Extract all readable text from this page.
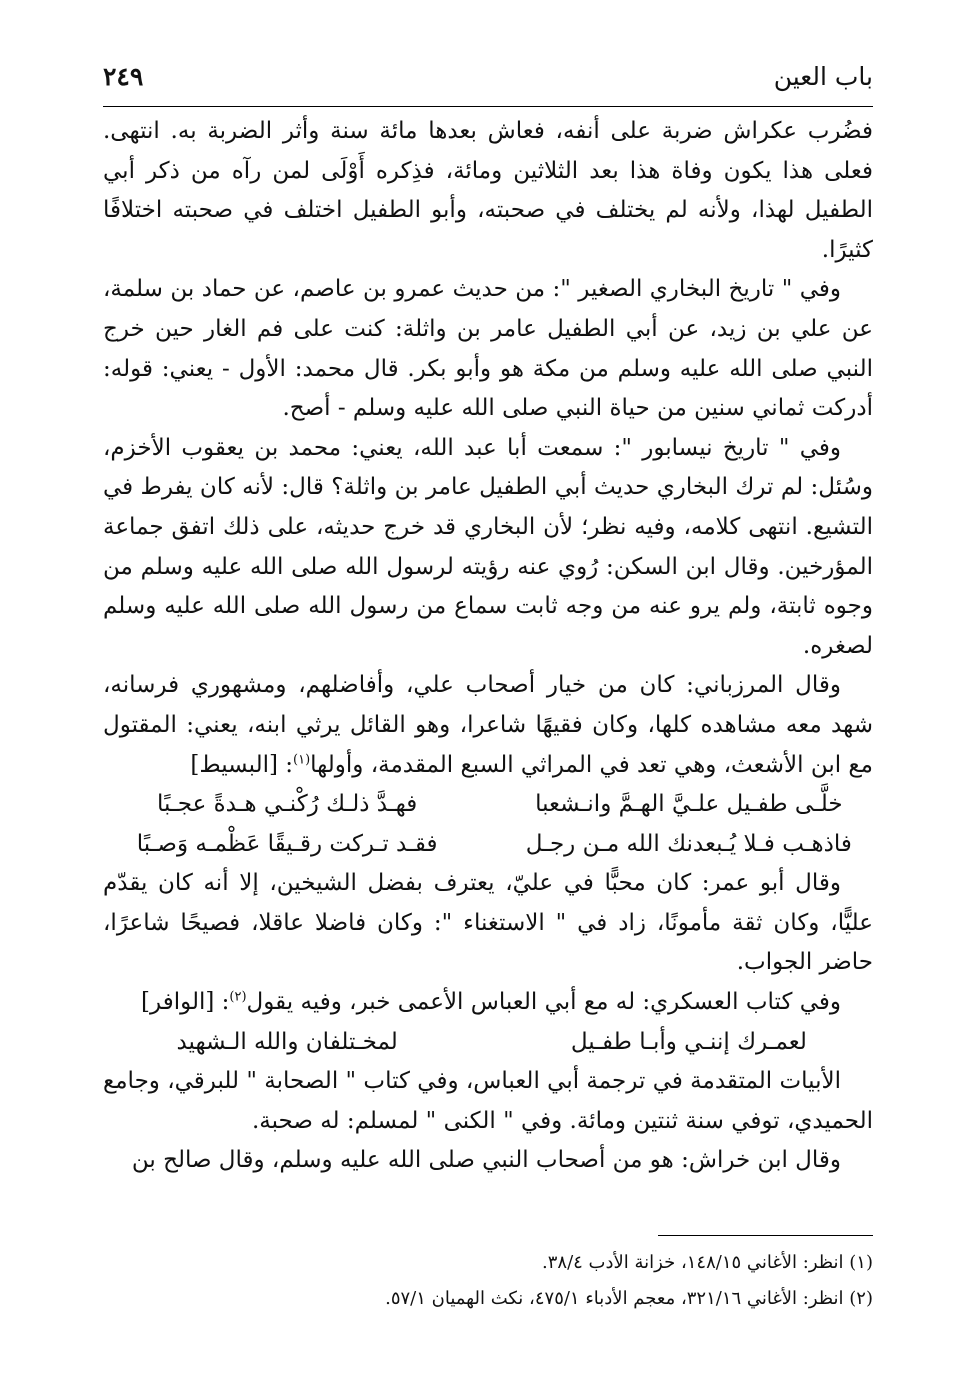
باب العين
٢٤٩

فضُرب عكراش ضربة على أنفه، فعاش بعدها مائة سنة وأثر الضربة به. انتهى. فعلى هذا يكون وفاة هذا بعد الثلاثين ومائة، فذِكره أَوْلَى لمن رآه من ذكر أبي الطفيل لهذا، ولأنه لم يختلف في صحبته، وأبو الطفيل اختلف في صحبته اختلافًا كثيرًا.

وفي " تاريخ البخاري الصغير ": من حديث عمرو بن عاصم، عن حماد بن سلمة، عن علي بن زيد، عن أبي الطفيل عامر بن واثلة: كنت على فم الغار حين خرج النبي صلى الله عليه وسلم من مكة هو وأبو بكر. قال محمد: الأول - يعني: قوله: أدركت ثماني سنين من حياة النبي صلى الله عليه وسلم - أصح.

وفي " تاريخ نيسابور ": سمعت أبا عبد الله، يعني: محمد بن يعقوب الأخزم، وسُئل: لم ترك البخاري حديث أبي الطفيل عامر بن واثلة؟ قال: لأنه كان يفرط في التشيع. انتهى كلامه، وفيه نظر؛ لأن البخاري قد خرج حديثه، على ذلك اتفق جماعة المؤرخين. وقال ابن السكن: رُوي عنه رؤيته لرسول الله صلى الله عليه وسلم من وجوه ثابتة، ولم يرو عنه من وجه ثابت سماع من رسول الله صلى الله عليه وسلم لصغره.

وقال المرزباني: كان من خيار أصحاب علي، وأفاضلهم، ومشهوري فرسانه، شهد معه مشاهده كلها، وكان فقيهًا شاعرا، وهو القائل يرثي ابنه، يعني: المقتول مع ابن الأشعث، وهي تعد في المراثي السبع المقدمة، وأولها$^{(١)}$: [البسيط]

خلَّـى طفـيل علـيَّ الهـمَّ وانـشعبا
فهـدَّ ذلـك رُكْنـي هـدةً عجـبًا
فاذهـب فـلا يُـبعدنك الله مـن رجـل
فقـد تـركت رقـيقًا عَظْمـه وَصـبًا

وقال أبو عمر: كان محبًّا في عليّ، يعترف بفضل الشيخين، إلا أنه كان يقدّم عليًّا، وكان ثقة مأمونًا، زاد في " الاستغناء ": وكان فاضلا عاقلا، فصيحًا شاعرًا، حاضر الجواب.

وفي كتاب العسكري: له مع أبي العباس الأعمى خبر، وفيه يقول$^{(٢)}$: [الوافر]

لعمـرك إننـي وأبـا طفـيل
لمخـتلفان والله الـشهيد

الأبيات المتقدمة في ترجمة أبي العباس، وفي كتاب " الصحابة " للبرقي، وجامع الحميدي، توفي سنة ثنتين ومائة. وفي " الكنى " لمسلم: له صحبة.

وقال ابن خراش: هو من أصحاب النبي صلى الله عليه وسلم، وقال صالح بن

(١) انظر: الأغاني ١٤٨/١٥، خزانة الأدب ٣٨/٤.

(٢) انظر: الأغاني ٣٢١/١٦، معجم الأدباء ٤٧٥/١، نكث الهميان ٥٧/١.
